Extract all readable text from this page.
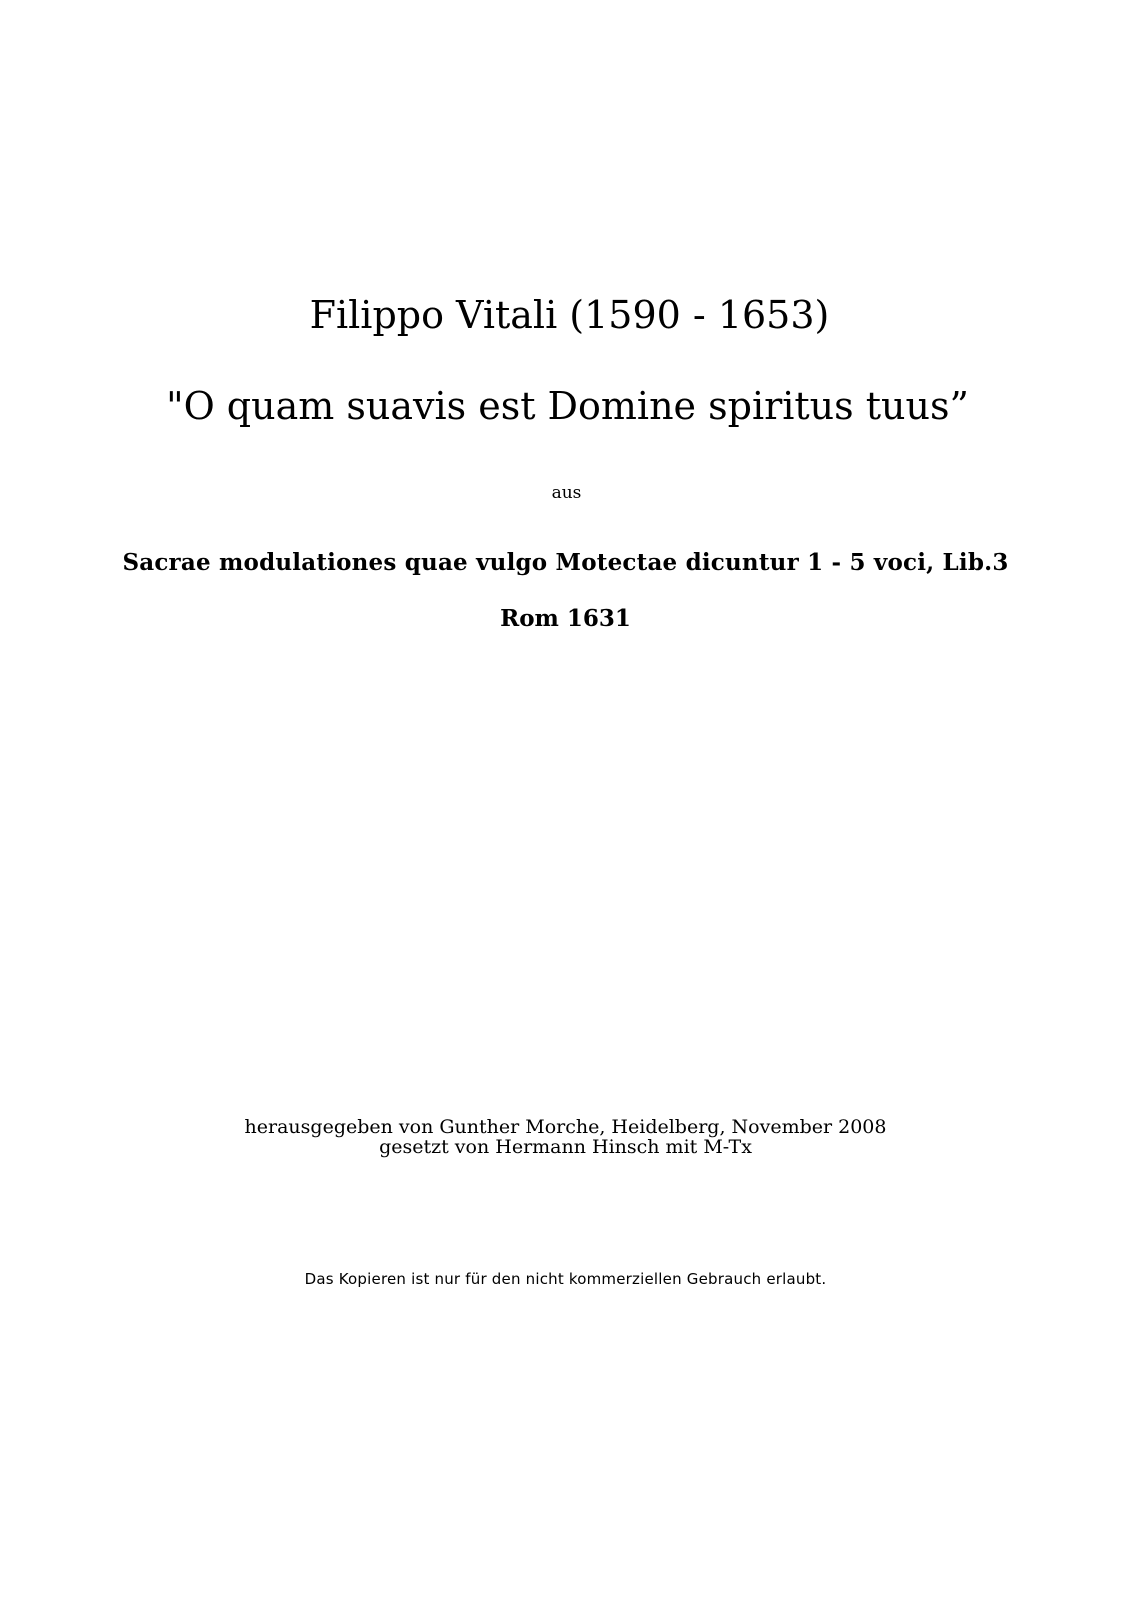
Filippo Vitali (1590 - 1653)
"O quam suavis est Domine spiritus tuus”
aus
Sacrae modulationes quae vulgo Motectae dicuntur 1 - 5 voci, Lib.3
Rom 1631
herausgegeben von Gunther Morche, Heidelberg, November 2008
gesetzt von Hermann Hinsch mit M-Tx
Das Kopieren ist nur für den nicht kommerziellen Gebrauch erlaubt.
